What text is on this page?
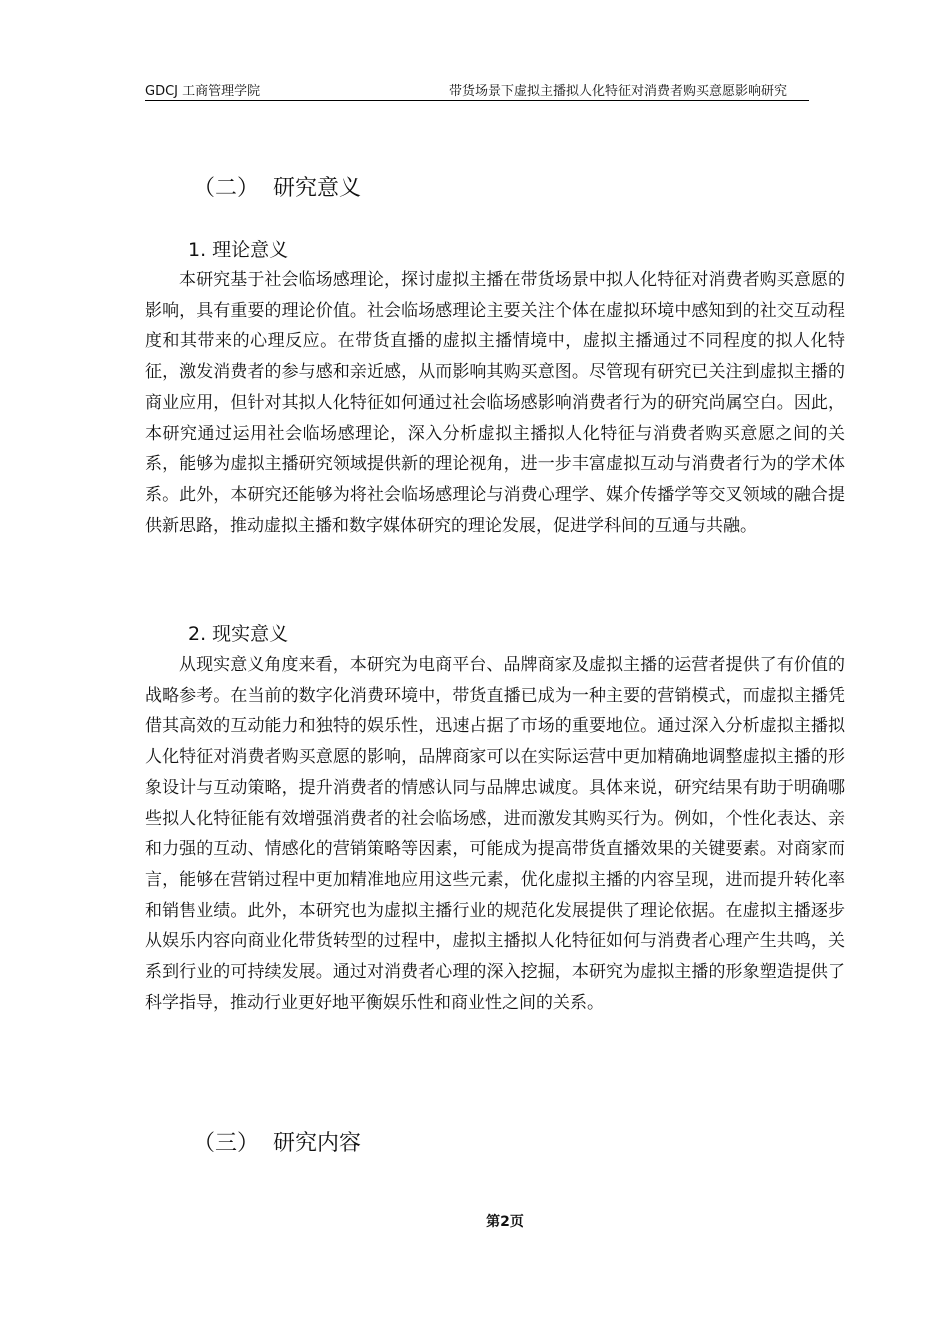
GDCJ 工商管理学院	带货场景下虚拟主播拟人化特征对消费者购买意愿影响研究
（二）  研究意义
1. 理论意义

本研究基于社会临场感理论，探讨虚拟主播在带货场景中拟人化特征对消费者购买意愿的影响，具有重要的理论价值。社会临场感理论主要关注个体在虚拟环境中感知到的社交互动程度和其带来的心理反应。在带货直播的虚拟主播情境中，虚拟主播通过不同程度的拟人化特征，激发消费者的参与感和亲近感，从而影响其购买意图。尽管现有研究已关注到虚拟主播的商业应用，但针对其拟人化特征如何通过社会临场感影响消费者行为的研究尚属空白。因此，本研究通过运用社会临场感理论，深入分析虚拟主播拟人化特征与消费者购买意愿之间的关系，能够为虚拟主播研究领域提供新的理论视角，进一步丰富虚拟互动与消费者行为的学术体系。此外，本研究还能够为将社会临场感理论与消费心理学、媒介传播学等交叉领域的融合提供新思路，推动虚拟主播和数字媒体研究的理论发展，促进学科间的互通与共融。

2. 现实意义

从现实意义角度来看，本研究为电商平台、品牌商家及虚拟主播的运营者提供了有价值的战略参考。在当前的数字化消费环境中，带货直播已成为一种主要的营销模式，而虚拟主播凭借其高效的互动能力和独特的娱乐性，迅速占据了市场的重要地位。通过深入分析虚拟主播拟人化特征对消费者购买意愿的影响，品牌商家可以在实际运营中更加精确地调整虚拟主播的形象设计与互动策略，提升消费者的情感认同与品牌忠诚度。具体来说，研究结果有助于明确哪些拟人化特征能有效增强消费者的社会临场感，进而激发其购买行为。例如，个性化表达、亲和力强的互动、情感化的营销策略等因素，可能成为提高带货直播效果的关键要素。对商家而言，能够在营销过程中更加精准地应用这些元素，优化虚拟主播的内容呈现，进而提升转化率和销售业绩。此外，本研究也为虚拟主播行业的规范化发展提供了理论依据。在虚拟主播逐步从娱乐内容向商业化带货转型的过程中，虚拟主播拟人化特征如何与消费者心理产生共鸣，关系到行业的可持续发展。通过对消费者心理的深入挖掘，本研究为虚拟主播的形象塑造提供了科学指导，推动行业更好地平衡娱乐性和商业性之间的关系。

（三）  研究内容
第2页
